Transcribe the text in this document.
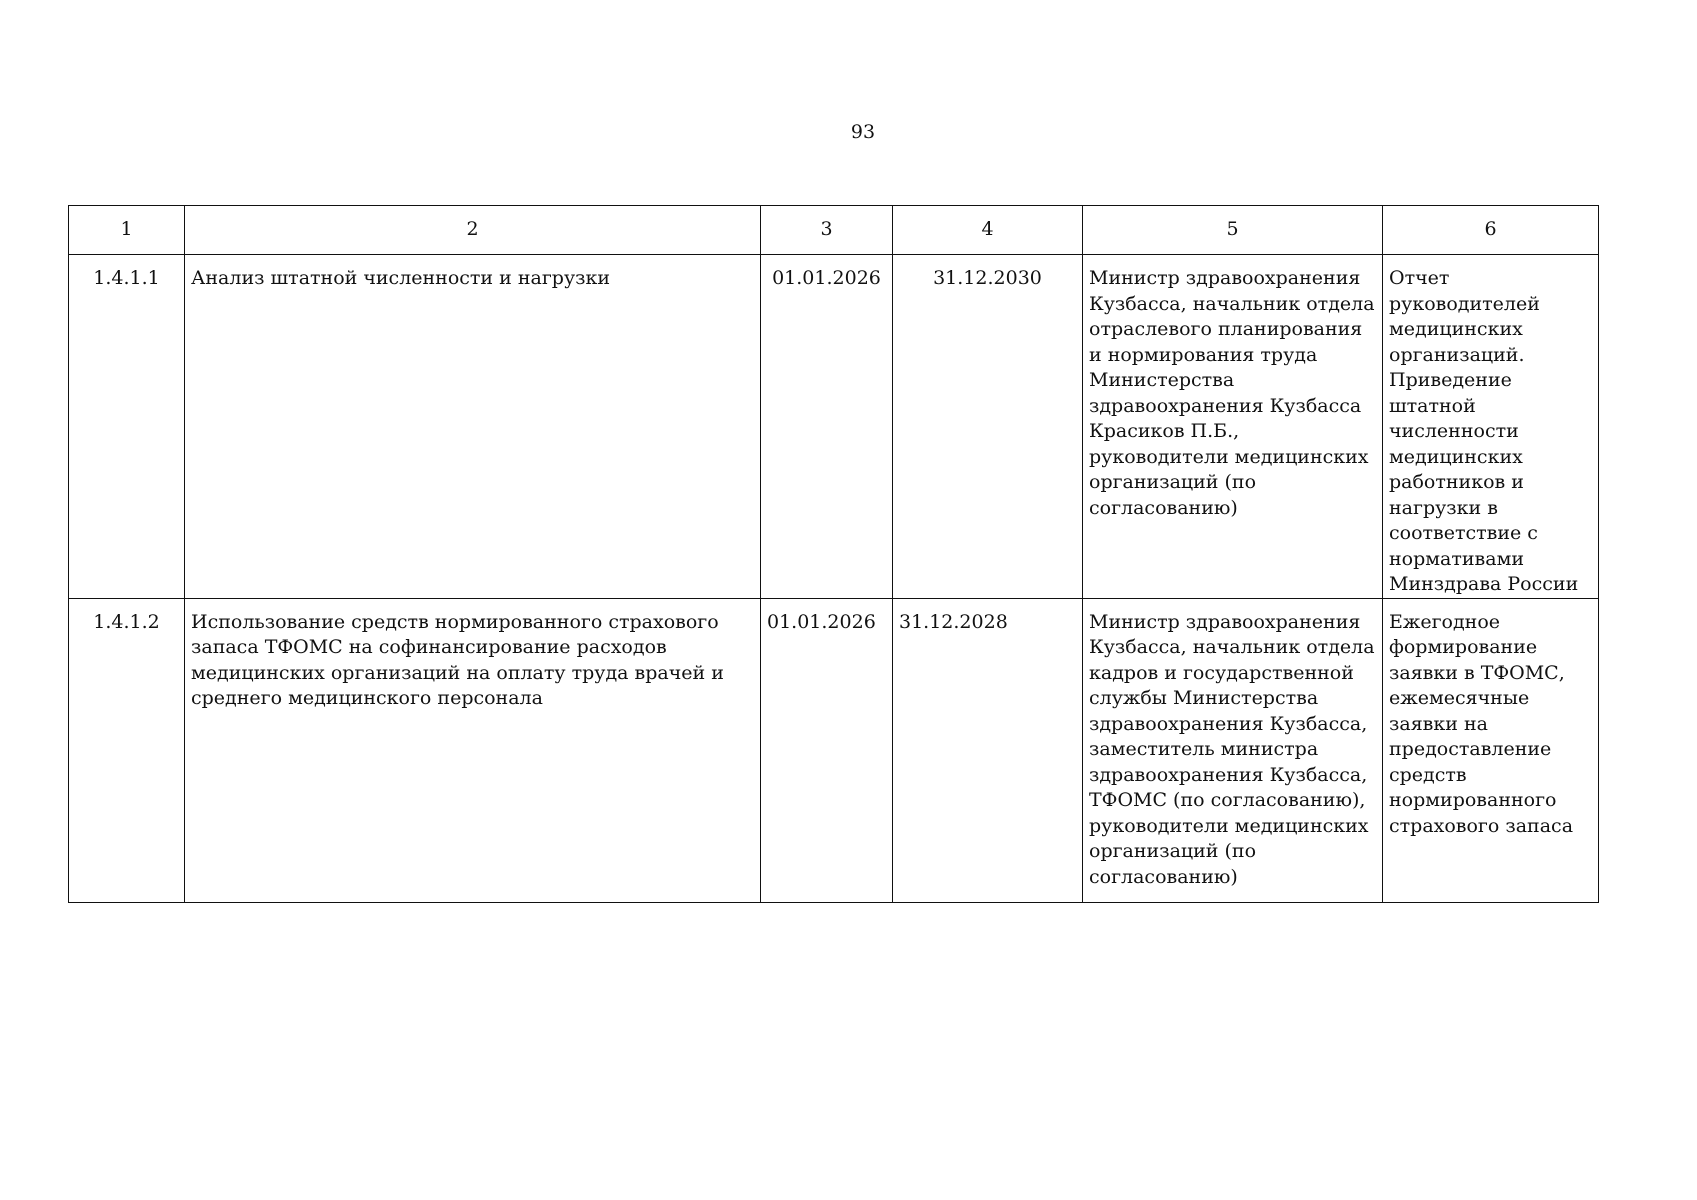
93
1	2	3	4	5	6
1.4.1.1	Анализ штатной численности и нагрузки	01.01.2026	31.12.2030	Министр здравоохранения Кузбасса, начальник отдела отраслевого планирования и нормирования труда Министерства здравоохранения Кузбасса Красиков П.Б., руководители медицинских организаций (по согласованию)	Отчет руководителей медицинских организаций. Приведение штатной численности медицинских работников и нагрузки в соответствие с нормативами Минздрава России
1.4.1.2	Использование средств нормированного страхового запаса ТФОМС на софинансирование расходов медицинских организаций на оплату труда врачей и среднего медицинского персонала	01.01.2026	31.12.2028	Министр здравоохранения Кузбасса, начальник отдела кадров и государственной службы Министерства здравоохранения Кузбасса, заместитель министра здравоохранения Кузбасса, ТФОМС (по согласованию), руководители медицинских организаций (по согласованию)	Ежегодное формирование заявки в ТФОМС, ежемесячные заявки на предоставление средств нормированного страхового запаса
